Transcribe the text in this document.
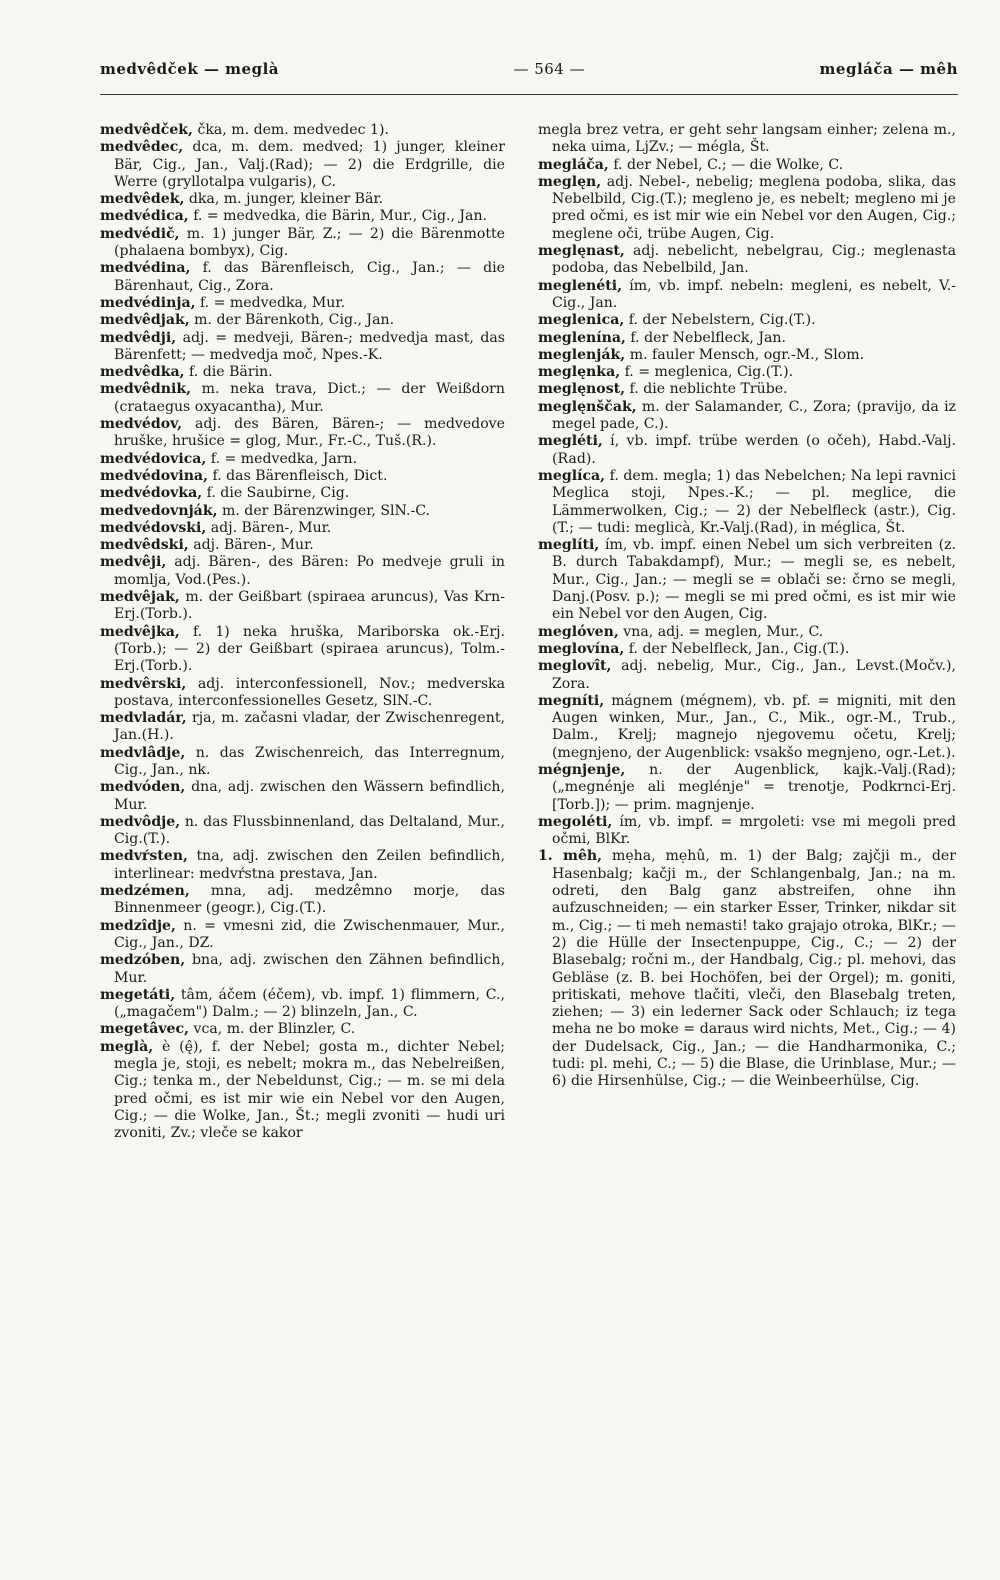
medvêdček — meglà	— 564 —	megláča — mêh

medvêdček, čka, m. dem. medvedec 1).

medvêdec, dca, m. dem. medved; 1) junger, kleiner Bär, Cig., Jan., Valj.(Rad); — 2) die Erdgrille, die Werre (gryllotalpa vulgaris), C.

medvêdek, dka, m. junger, kleiner Bär.

medvédica, f. = medvedka, die Bärin, Mur., Cig., Jan.

medvédič, m. 1) junger Bär, Z.; — 2) die Bärenmotte (phalaena bombyx), Cig.

medvédina, f. das Bärenfleisch, Cig., Jan.; — die Bärenhaut, Cig., Zora.

medvédinja, f. = medvedka, Mur.

medvêdjak, m. der Bärenkoth, Cig., Jan.

medvêdji, adj. = medveji, Bären-; medvedja mast, das Bärenfett; — medvedja moč, Npes.-K.

medvêdka, f. die Bärin.

medvêdnik, m. neka trava, Dict.; — der Weißdorn (crataegus oxyacantha), Mur.

medvédov, adj. des Bären, Bären-; — medvedove hruške, hrušice = glog, Mur., Fr.-C., Tuš.(R.).

medvédovica, f. = medvedka, Jarn.

medvédovina, f. das Bärenfleisch, Dict.

medvédovka, f. die Saubirne, Cig.

medvedovnják, m. der Bärenzwinger, SlN.-C.

medvédovski, adj. Bären-, Mur.

medvêdski, adj. Bären-, Mur.

medvêji, adj. Bären-, des Bären: Po medveje gruli in momlja, Vod.(Pes.).

medvêjak, m. der Geißbart (spiraea aruncus), Vas Krn-Erj.(Torb.).

medvêjka, f. 1) neka hruška, Mariborska ok.-Erj.(Torb.); — 2) der Geißbart (spiraea aruncus), Tolm.-Erj.(Torb.).

medvêrski, adj. interconfessionell, Nov.; medverska postava, interconfessionelles Gesetz, SlN.-C.

medvladár, rja, m. začasni vladar, der Zwischenregent, Jan.(H.).

medvlâdje, n. das Zwischenreich, das Interregnum, Cig., Jan., nk.

medvóden, dna, adj. zwischen den Wässern befindlich, Mur.

medvôdje, n. das Flussbinnenland, das Deltaland, Mur., Cig.(T.).

medvŕsten, tna, adj. zwischen den Zeilen befindlich, interlinear: medvŕstna prestava, Jan.

medzémen, mna, adj. medzêmno morje, das Binnenmeer (geogr.), Cig.(T.).

medzîdje, n. = vmesni zid, die Zwischenmauer, Mur., Cig., Jan., DZ.

medzóben, bna, adj. zwischen den Zähnen befindlich, Mur.

megetáti, tâm, áčem (éčem), vb. impf. 1) flimmern, C., („magačem") Dalm.; — 2) blinzeln, Jan., C.

megetâvec, vca, m. der Blinzler, C.

meglà, è (ę̂), f. der Nebel; gosta m., dichter Nebel; megla je, stoji, es nebelt; mokra m., das Nebelreißen, Cig.; tenka m., der Nebeldunst, Cig.; — m. se mi dela pred očmi, es ist mir wie ein Nebel vor den Augen, Cig.; — die Wolke, Jan., Št.; megli zvoniti — hudi uri zvoniti, Zv.; vleče se kakor

megla brez vetra, er geht sehr langsam einher; zelena m., neka uima, LjZv.; — mégla, Št.

megláča, f. der Nebel, C.; — die Wolke, C.

meglęn, adj. Nebel-, nebelig; meglena podoba, slika, das Nebelbild, Cig.(T.); megleno je, es nebelt; megleno mi je pred očmi, es ist mir wie ein Nebel vor den Augen, Cig.; meglene oči, trübe Augen, Cig.

meglęnast, adj. nebelicht, nebelgrau, Cig.; meglenasta podoba, das Nebelbild, Jan.

meglenéti, ím, vb. impf. nebeln: megleni, es nebelt, V.-Cig., Jan.

meglenica, f. der Nebelstern, Cig.(T.).

meglenína, f. der Nebelfleck, Jan.

meglenják, m. fauler Mensch, ogr.-M., Slom.

meglęnka, f. = meglenica, Cig.(T.).

meglęnost, f. die neblichte Trübe.

meglęnščak, m. der Salamander, C., Zora; (pravijo, da iz megel pade, C.).

megléti, í, vb. impf. trübe werden (o očeh), Habd.-Valj.(Rad).

meglíca, f. dem. megla; 1) das Nebelchen; Na lepi ravnici Meglica stoji, Npes.-K.; — pl. meglice, die Lämmerwolken, Cig.; — 2) der Nebelfleck (astr.), Cig.(T.; — tudi: meglicà, Kr.-Valj.(Rad), in méglica, Št.

meglíti, ím, vb. impf. einen Nebel um sich verbreiten (z. B. durch Tabakdampf), Mur.; — megli se, es nebelt, Mur., Cig., Jan.; — megli se = oblači se: črno se megli, Danj.(Posv. p.); — megli se mi pred očmi, es ist mir wie ein Nebel vor den Augen, Cig.

meglóven, vna, adj. = meglen, Mur., C.

meglovína, f. der Nebelfleck, Jan., Cig.(T.).

meglovît, adj. nebelig, Mur., Cig., Jan., Levst.(Močv.), Zora.

megníti, mágnem (mégnem), vb. pf. = migniti, mit den Augen winken, Mur., Jan., C., Mik., ogr.-M., Trub., Dalm., Krelj; magnejo njegovemu očetu, Krelj; (megnjeno, der Augenblick: vsakšo megnjeno, ogr.-Let.).

mégnjenje, n. der Augenblick, kajk.-Valj.(Rad); („megnénje ali meglénje" = trenotje, Podkrnci-Erj.[Torb.]); — prim. magnjenje.

megoléti, ím, vb. impf. = mrgoleti: vse mi megoli pred očmi, BlKr.

1. mêh, mẹha, mẹhû, m. 1) der Balg; zajčji m., der Hasenbalg; kačji m., der Schlangenbalg, Jan.; na m. odreti, den Balg ganz abstreifen, ohne ihn aufzuschneiden; — ein starker Esser, Trinker, nikdar sit m., Cig.; — ti meh nemasti! tako grajajo otroka, BlKr.; — 2) die Hülle der Insectenpuppe, Cig., C.; — 2) der Blasebalg; ročni m., der Handbalg, Cig.; pl. mehovi, das Gebläse (z. B. bei Hochöfen, bei der Orgel); m. goniti, pritiskati, mehove tlačiti, vleči, den Blasebalg treten, ziehen; — 3) ein lederner Sack oder Schlauch; iz tega meha ne bo moke = daraus wird nichts, Met., Cig.; — 4) der Dudelsack, Cig., Jan.; — die Handharmonika, C.; tudi: pl. mehi, C.; — 5) die Blase, die Urinblase, Mur.; — 6) die Hirsenhülse, Cig.; — die Weinbeerhülse, Cig.
